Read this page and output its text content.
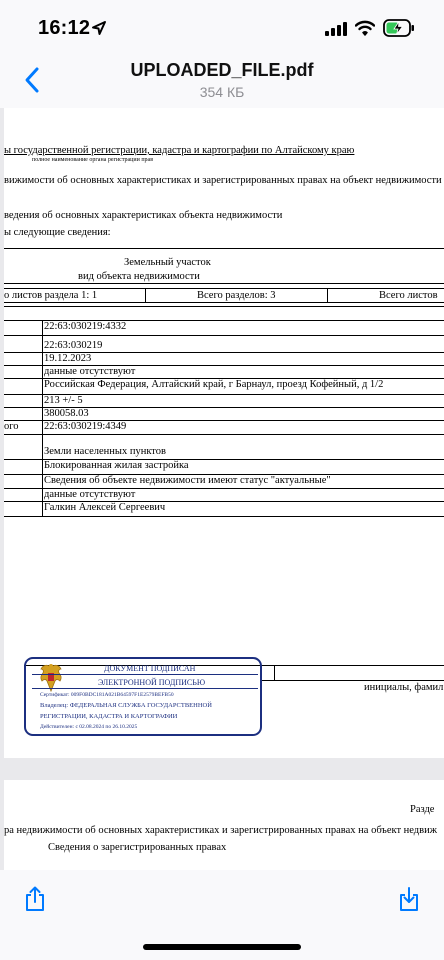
16:12
UPLOADED_FILE.pdf
354 КБ
ы государственной регистрации, кадастра и картографии по Алтайскому краю
полное наименование органа регистрации прав
вижимости об основных характеристиках и зарегистрированных правах на объект недвижимости
ведения об основных характеристиках объекта недвижимости
ы следующие сведения:
Земельный участок
вид объекта недвижимости
о листов раздела 1: 1	Всего разделов: 3	Всего листов
22:63:030219:4332
22:63:030219
19.12.2023
данные отсутствуют
Российская Федерация, Алтайский край, г Барнаул, проезд Кофейный, д 1/2
213 +/- 5
380058.03
ого 22:63:030219:4349
Земли населенных пунктов
Блокированная жилая застройка
Сведения об объекте недвижимости имеют статус "актуальные"
данные отсутствуют
Галкин Алексей Сергеевич
инициалы, фамил
ДОКУМЕНТ ПОДПИСАН
ЭЛЕКТРОННОЙ ПОДПИСЬЮ
Сертификат: 009F0BDC181A021B64597F1E2579BEFB50
Владелец: ФЕДЕРАЛЬНАЯ СЛУЖБА ГОСУДАРСТВЕННОЙ
РЕГИСТРАЦИИ, КАДАСТРА И КАРТОГРАФИИ
Действителен: с 02.08.2024 по 26.10.2025
Разде
ра недвижимости об основных характеристиках и зарегистрированных правах на объект недвиж
Сведения о зарегистрированных правах
